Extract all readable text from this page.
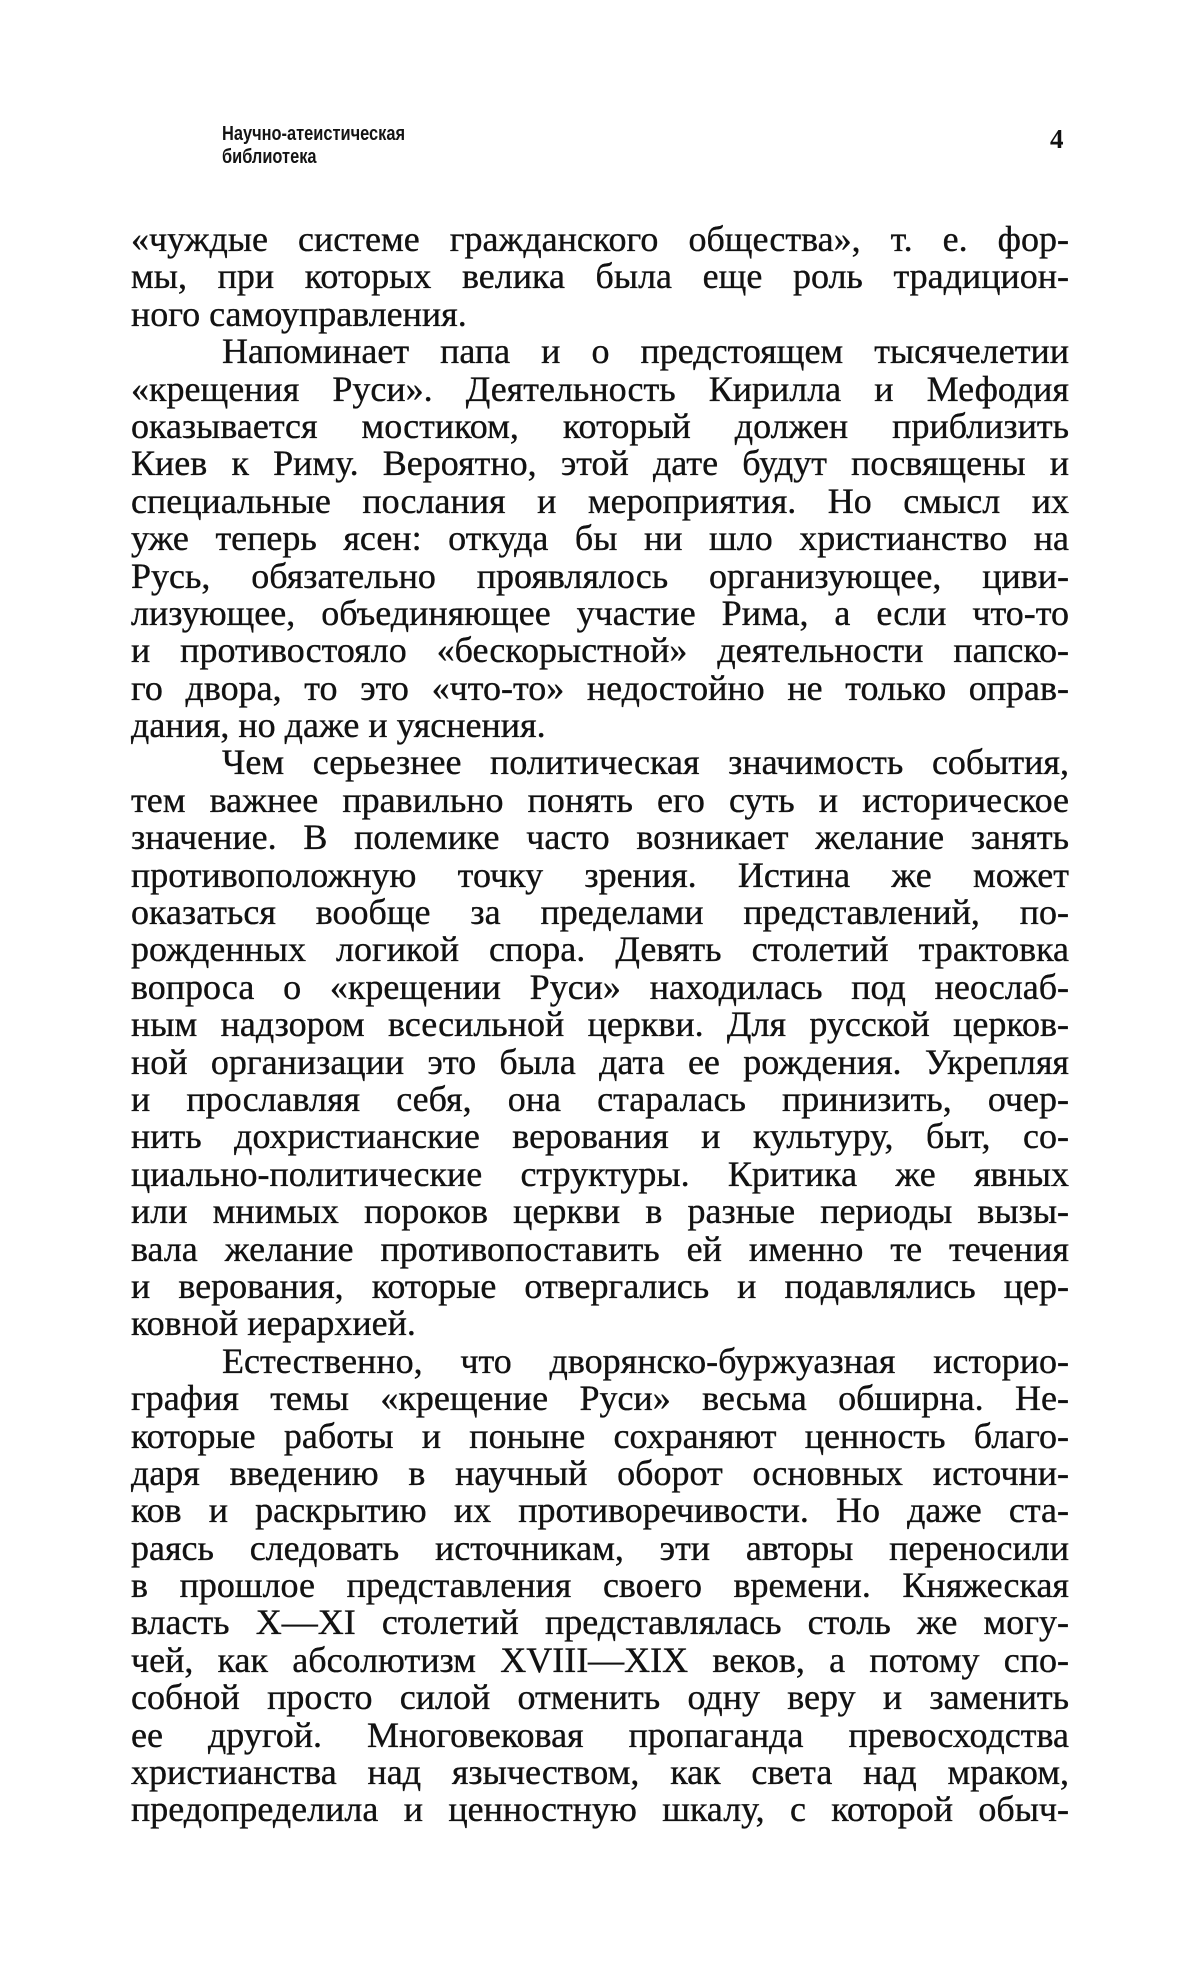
Научно-атеистическая
библиотека
4
«чуждые системе гражданского общества», т. е. фор-
мы, при которых велика была еще роль традицион-
ного самоуправления.
Напоминает папа и о предстоящем тысячелетии
«крещения Руси». Деятельность Кирилла и Мефодия
оказывается мостиком, который должен приблизить
Киев к Риму. Вероятно, этой дате будут посвящены и
специальные послания и мероприятия. Но смысл их
уже теперь ясен: откуда бы ни шло христианство на
Русь, обязательно проявлялось организующее, циви-
лизующее, объединяющее участие Рима, а если что-то
и противостояло «бескорыстной» деятельности папско-
го двора, то это «что-то» недостойно не только оправ-
дания, но даже и уяснения.
Чем серьезнее политическая значимость события,
тем важнее правильно понять его суть и историческое
значение. В полемике часто возникает желание занять
противоположную точку зрения. Истина же может
оказаться вообще за пределами представлений, по-
рожденных логикой спора. Девять столетий трактовка
вопроса о «крещении Руси» находилась под неослаб-
ным надзором всесильной церкви. Для русской церков-
ной организации это была дата ее рождения. Укрепляя
и прославляя себя, она старалась принизить, очер-
нить дохристианские верования и культуру, быт, со-
циально-политические структуры. Критика же явных
или мнимых пороков церкви в разные периоды вызы-
вала желание противопоставить ей именно те течения
и верования, которые отвергались и подавлялись цер-
ковной иерархией.
Естественно, что дворянско-буржуазная историо-
графия темы «крещение Руси» весьма обширна. Не-
которые работы и поныне сохраняют ценность благо-
даря введению в научный оборот основных источни-
ков и раскрытию их противоречивости. Но даже ста-
раясь следовать источникам, эти авторы переносили
в прошлое представления своего времени. Княжеская
власть X—XI столетий представлялась столь же могу-
чей, как абсолютизм XVIII—XIX веков, а потому спо-
собной просто силой отменить одну веру и заменить
ее другой. Многовековая пропаганда превосходства
христианства над язычеством, как света над мраком,
предопределила и ценностную шкалу, с которой обыч-
